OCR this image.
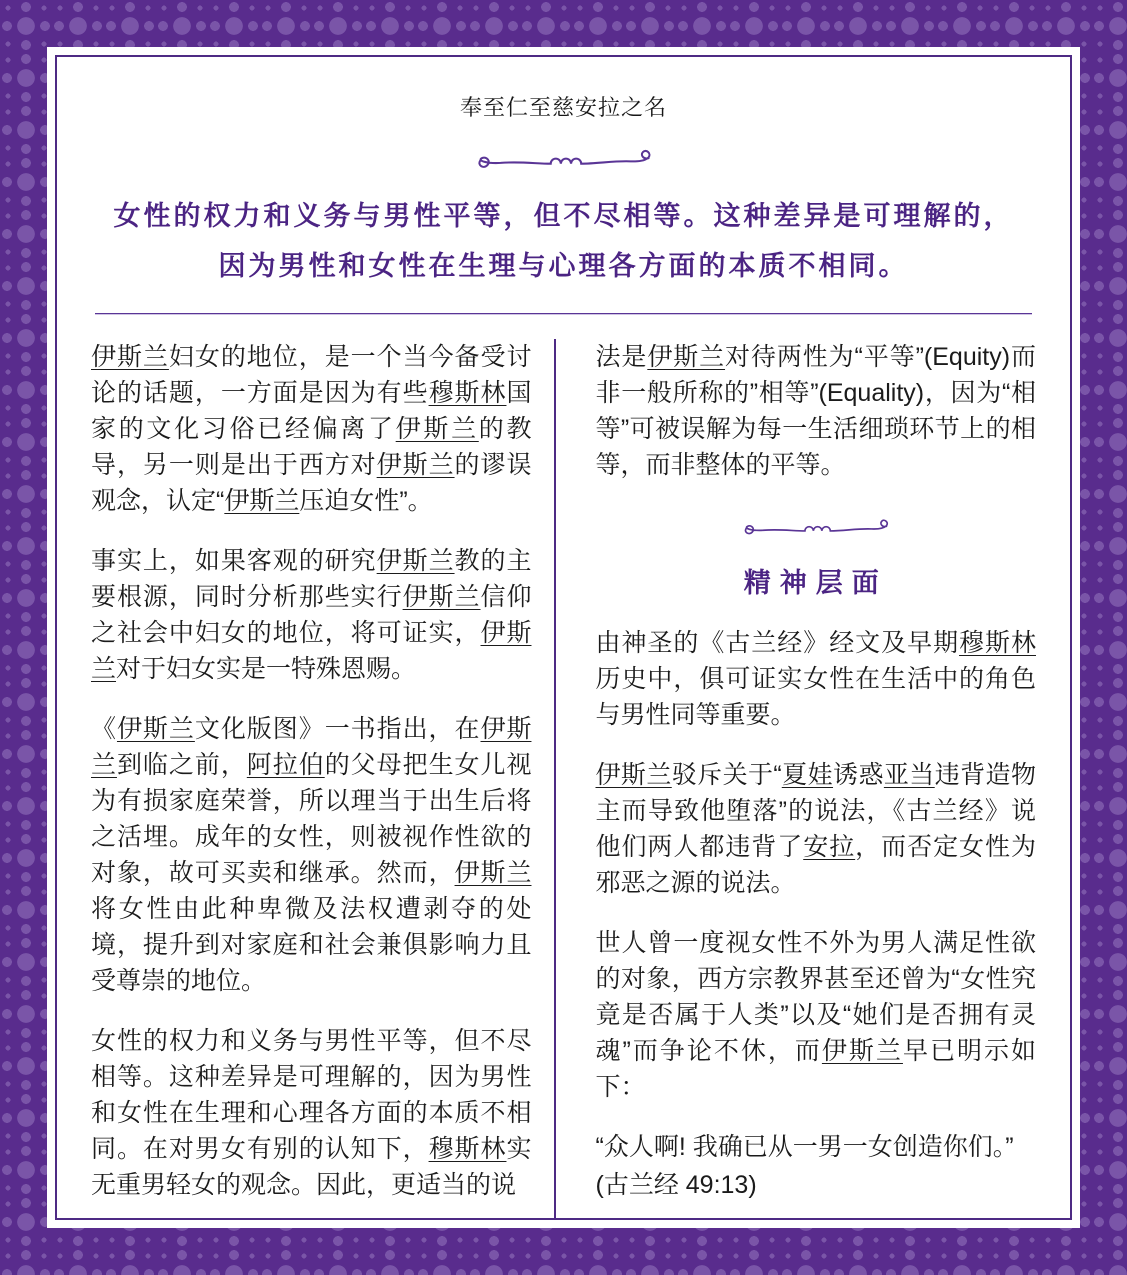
奉至仁至慈安拉之名
女性的权力和义务与男性平等，但不尽相等。这种差异是可理解的，
因为男性和女性在生理与心理各方面的本质不相同。

伊斯兰妇女的地位，是一个当今备受讨论的话题，一方面是因为有些穆斯林国家的文化习俗已经偏离了伊斯兰的教导，另一则是出于西方对伊斯兰的谬误观念，认定“伊斯兰压迫女性”。

事实上，如果客观的研究伊斯兰教的主要根源，同时分析那些实行伊斯兰信仰之社会中妇女的地位，将可证实，伊斯兰对于妇女实是一特殊恩赐。

《伊斯兰文化版图》一书指出，在伊斯兰到临之前，阿拉伯的父母把生女儿视为有损家庭荣誉，所以理当于出生后将之活埋。成年的女性，则被视作性欲的对象，故可买卖和继承。然而，伊斯兰将女性由此种卑微及法权遭剥夺的处境，提升到对家庭和社会兼俱影响力且受尊崇的地位。

女性的权力和义务与男性平等，但不尽相等。这种差异是可理解的，因为男性和女性在生理和心理各方面的本质不相同。在对男女有别的认知下，穆斯林实无重男轻女的观念。因此，更适当的说

法是伊斯兰对待两性为“平等”(Equity)而非一般所称的”相等”(Equality)，因为“相等”可被误解为每一生活细琐环节上的相等，而非整体的平等。

精神层面

由神圣的《古兰经》经文及早期穆斯林历史中，俱可证实女性在生活中的角色与男性同等重要。

伊斯兰驳斥关于“夏娃诱惑亚当违背造物主而导致他堕落”的说法，《古兰经》说他们两人都违背了安拉，而否定女性为邪恶之源的说法。

世人曾一度视女性不外为男人满足性欲的对象，西方宗教界甚至还曾为“女性究竟是否属于人类”以及“她们是否拥有灵魂”而争论不休，而伊斯兰早已明示如下：

“众人啊! 我确已从一男一女创造你们。”

(古兰经 49:13)
